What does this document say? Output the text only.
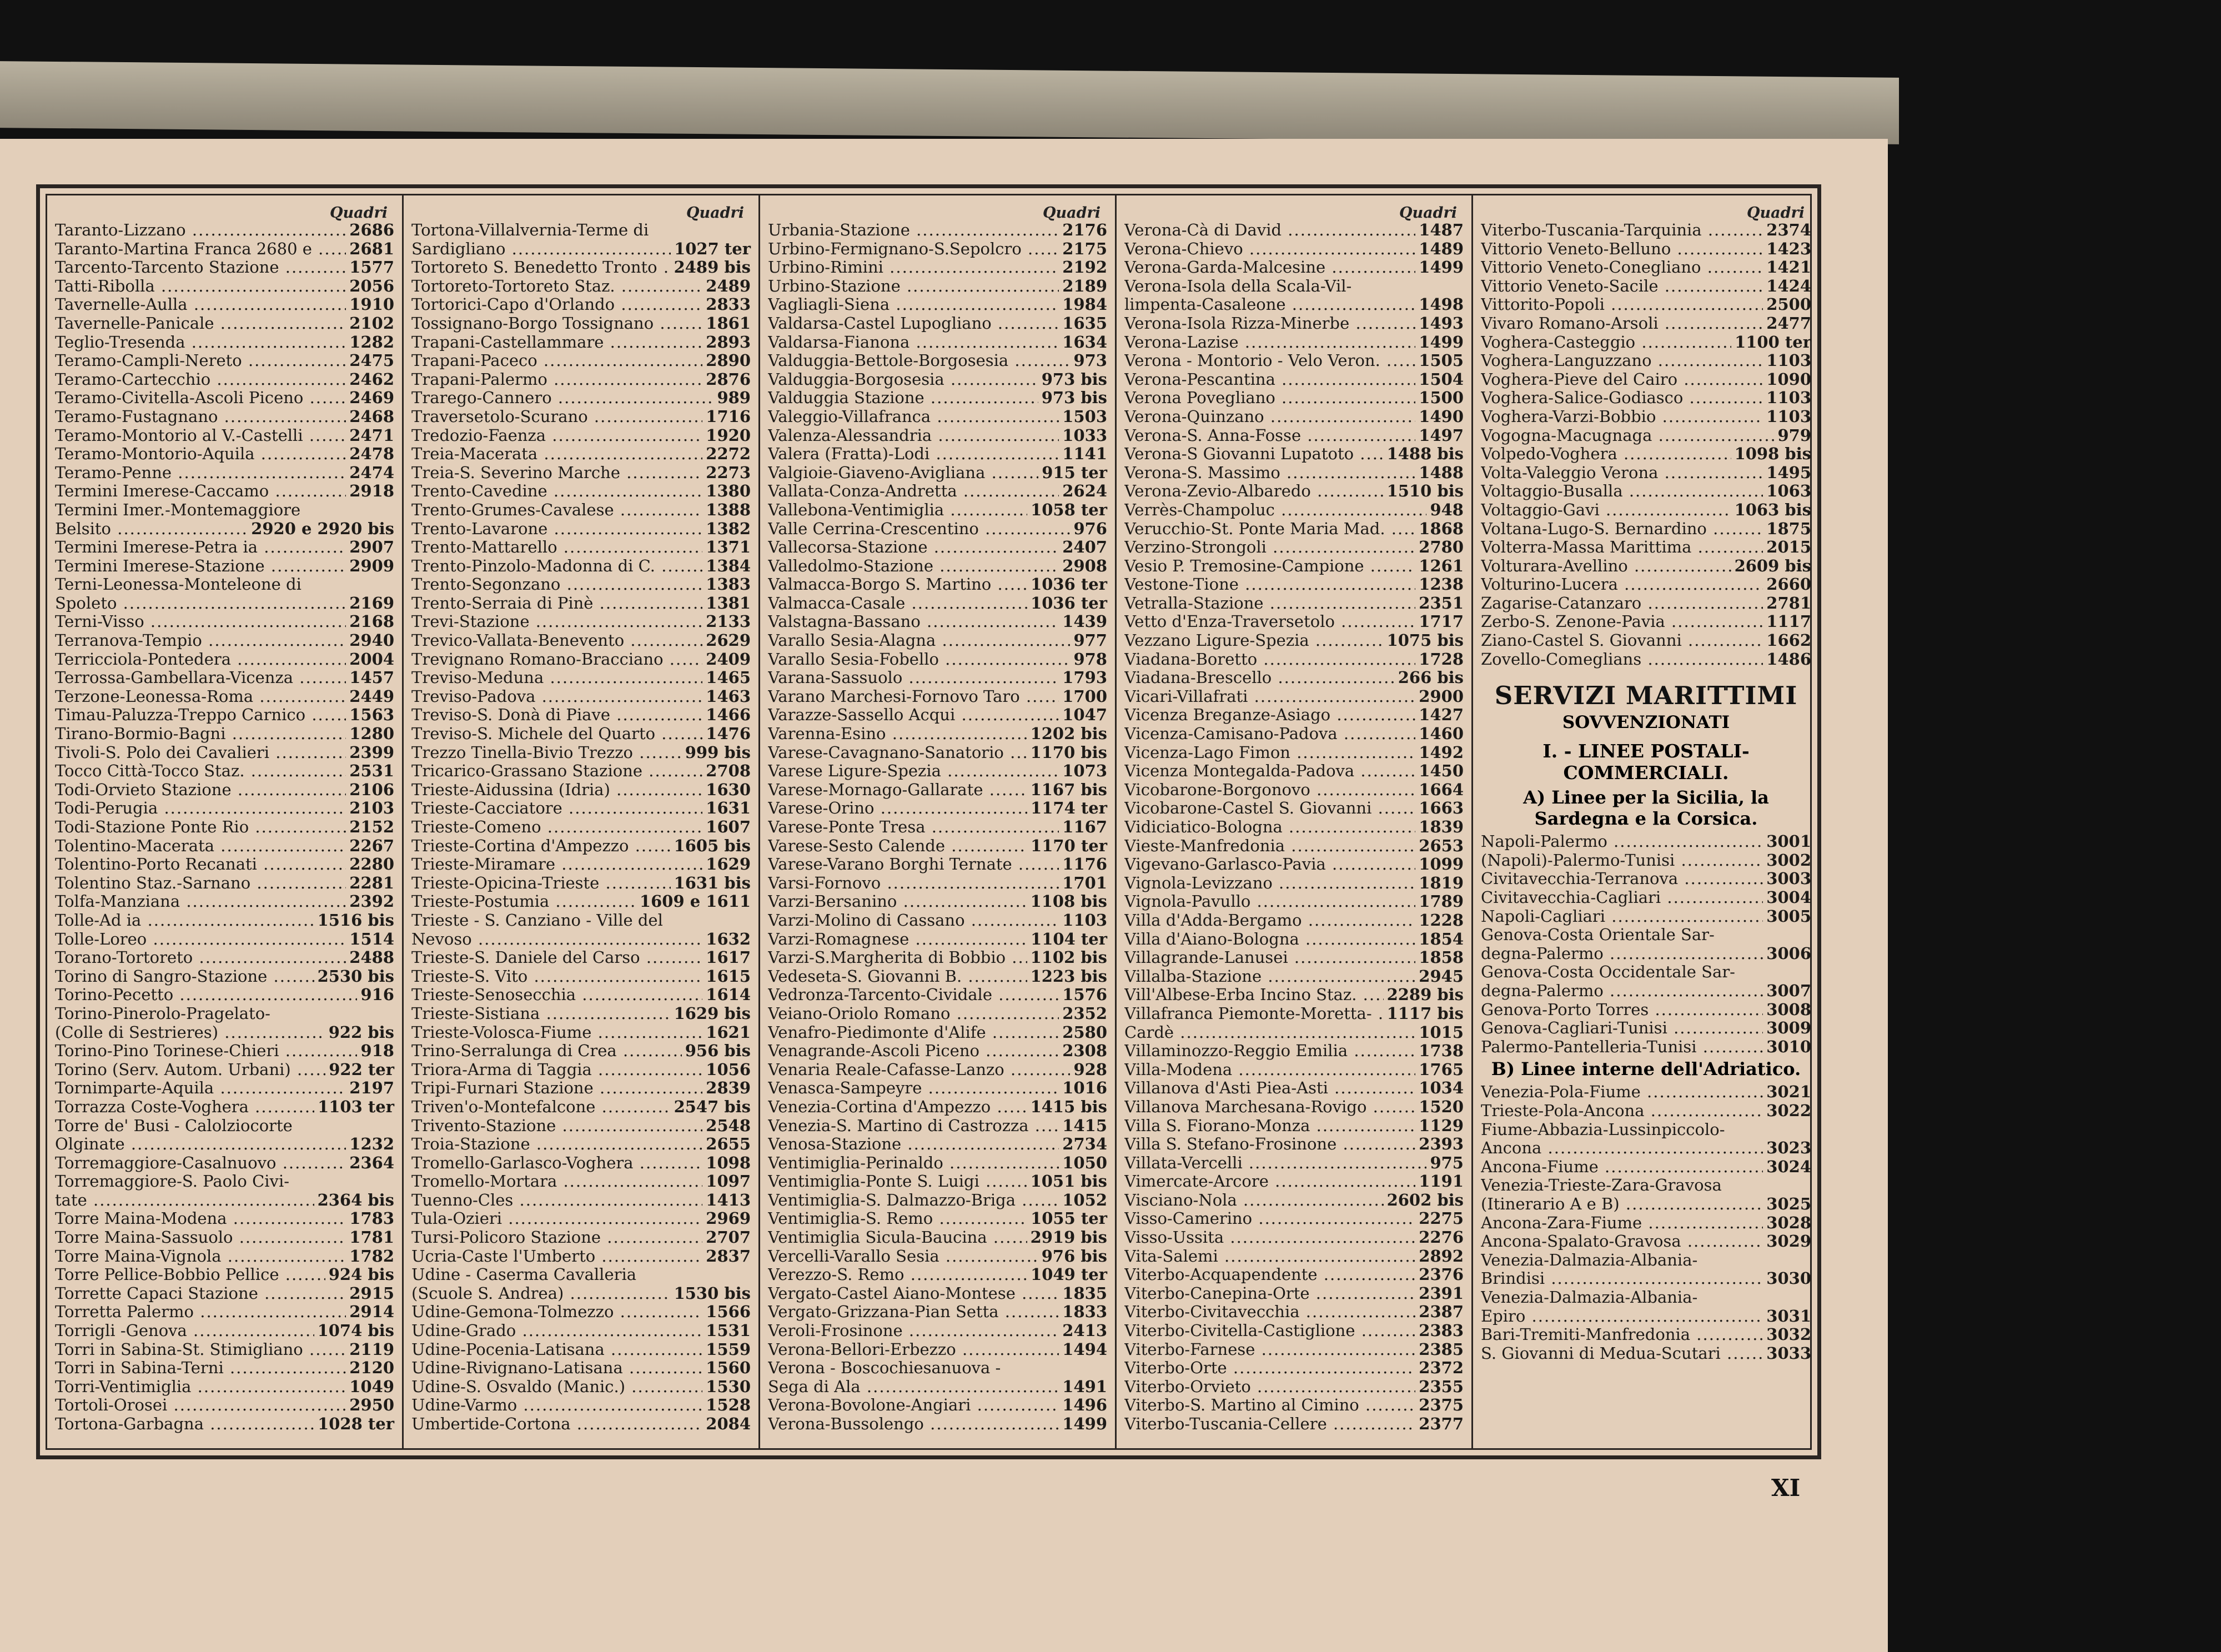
Quadri
Taranto-Lizzano .....	2686
Taranto-Martina Franca 2680 e .....	2681
Tarcento-Tarcento Stazione .....	1577
Tatti-Ribolla .....	2056
Tavernelle-Aulla .....	1910
Tavernelle-Panicale .....	2102
Teglio-Tresenda .....	1282
Teramo-Campli-Nereto .....	2475
Teramo-Cartecchio .....	2462
Teramo-Civitella-Ascoli Piceno .....	2469
Teramo-Fustagnano .....	2468
Teramo-Montorio al V.-Castelli .....	2471
Teramo-Montorio-Aquila .....	2478
Teramo-Penne .....	2474
Termini Imerese-Caccamo .....	2918
Termini Imer.-Montemaggiore
Belsito .....	2920 e 2920 bis
Termini Imerese-Petra ia .....	2907
Termini Imerese-Stazione .....	2909
Terni-Leonessa-Monteleone di
Spoleto .....	2169
Terni-Visso .....	2168
Terranova-Tempio .....	2940
Terricciola-Pontedera .....	2004
Terrossa-Gambellara-Vicenza .....	1457
Terzone-Leonessa-Roma .....	2449
Timau-Paluzza-Treppo Carnico .....	1563
Tirano-Bormio-Bagni .....	1280
Tivoli-S. Polo dei Cavalieri .....	2399
Tocco Città-Tocco Staz. .....	2531
Todi-Orvieto Stazione .....	2106
Todi-Perugia .....	2103
Todi-Stazione Ponte Rio .....	2152
Tolentino-Macerata .....	2267
Tolentino-Porto Recanati .....	2280
Tolentino Staz.-Sarnano .....	2281
Tolfa-Manziana .....	2392
Tolle-Ad ia .....	1516 bis
Tolle-Loreo .....	1514
Torano-Tortoreto .....	2488
Torino di Sangro-Stazione .....	2530 bis
Torino-Pecetto .....	916
Torino-Pinerolo-Pragelato-
(Colle di Sestrieres) .....	922 bis
Torino-Pino Torinese-Chieri .....	918
Torino (Serv. Autom. Urbani) .....	922 ter
Tornimparte-Aquila .....	2197
Torrazza Coste-Voghera .....	1103 ter
Torre de' Busi - Calolziocorte
Olginate .....	1232
Torremaggiore-Casalnuovo .....	2364
Torremaggiore-S. Paolo Civi-
tate .....	2364 bis
Torre Maina-Modena .....	1783
Torre Maina-Sassuolo .....	1781
Torre Maina-Vignola .....	1782
Torre Pellice-Bobbio Pellice .....	924 bis
Torrette Capaci Stazione .....	2915
Torretta Palermo .....	2914
Torrigli -Genova .....	1074 bis
Torri in Sabina-St. Stimigliano .....	2119
Torri in Sabina-Terni .....	2120
Torri-Ventimiglia .....	1049
Tortoli-Orosei .....	2950
Tortona-Garbagna .....	1028 ter
Quadri
Tortona-Villalvernia-Terme di
Sardigliano .....	1027 ter
Tortoreto S. Benedetto Tronto .....	2489 bis
Tortoreto-Tortoreto Staz. .....	2489
Tortorici-Capo d'Orlando .....	2833
Tossignano-Borgo Tossignano .....	1861
Trapani-Castellammare .....	2893
Trapani-Paceco .....	2890
Trapani-Palermo .....	2876
Trarego-Cannero .....	989
Traversetolo-Scurano .....	1716
Tredozio-Faenza .....	1920
Treia-Macerata .....	2272
Treia-S. Severino Marche .....	2273
Trento-Cavedine .....	1380
Trento-Grumes-Cavalese .....	1388
Trento-Lavarone .....	1382
Trento-Mattarello .....	1371
Trento-Pinzolo-Madonna di C. .....	1384
Trento-Segonzano .....	1383
Trento-Serraia di Pinè .....	1381
Trevi-Stazione .....	2133
Trevico-Vallata-Benevento .....	2629
Trevignano Romano-Bracciano .....	2409
Treviso-Meduna .....	1465
Treviso-Padova .....	1463
Treviso-S. Donà di Piave .....	1466
Treviso-S. Michele del Quarto .....	1476
Trezzo Tinella-Bivio Trezzo .....	999 bis
Tricarico-Grassano Stazione .....	2708
Trieste-Aidussina (Idria) .....	1630
Trieste-Cacciatore .....	1631
Trieste-Comeno .....	1607
Trieste-Cortina d'Ampezzo .....	1605 bis
Trieste-Miramare .....	1629
Trieste-Opicina-Trieste .....	1631 bis
Trieste-Postumia .....	1609 e 1611
Trieste - S. Canziano - Ville del
Nevoso .....	1632
Trieste-S. Daniele del Carso .....	1617
Trieste-S. Vito .....	1615
Trieste-Senosecchia .....	1614
Trieste-Sistiana .....	1629 bis
Trieste-Volosca-Fiume .....	1621
Trino-Serralunga di Crea .....	956 bis
Triora-Arma di Taggia .....	1056
Tripi-Furnari Stazione .....	2839
Triven'o-Montefalcone .....	2547 bis
Trivento-Stazione .....	2548
Troia-Stazione .....	2655
Tromello-Garlasco-Voghera .....	1098
Tromello-Mortara .....	1097
Tuenno-Cles .....	1413
Tula-Ozieri .....	2969
Tursi-Policoro Stazione .....	2707
Ucria-Caste l'Umberto .....	2837
Udine - Caserma Cavalleria
(Scuole S. Andrea) .....	1530 bis
Udine-Gemona-Tolmezzo .....	1566
Udine-Grado .....	1531
Udine-Pocenia-Latisana .....	1559
Udine-Rivignano-Latisana .....	1560
Udine-S. Osvaldo (Manic.) .....	1530
Udine-Varmo .....	1528
Umbertide-Cortona .....	2084
Quadri
Urbania-Stazione .....	2176
Urbino-Fermignano-S.Sepolcro .....	2175
Urbino-Rimini .....	2192
Urbino-Stazione .....	2189
Vagliagli-Siena .....	1984
Valdarsa-Castel Lupogliano .....	1635
Valdarsa-Fianona .....	1634
Valduggia-Bettole-Borgosesia .....	973
Valduggia-Borgosesia .....	973 bis
Valduggia Stazione .....	973 bis
Valeggio-Villafranca .....	1503
Valenza-Alessandria .....	1033
Valera (Fratta)-Lodi .....	1141
Valgioie-Giaveno-Avigliana .....	915 ter
Vallata-Conza-Andretta .....	2624
Vallebona-Ventimiglia .....	1058 ter
Valle Cerrina-Crescentino .....	976
Vallecorsa-Stazione .....	2407
Valledolmo-Stazione .....	2908
Valmacca-Borgo S. Martino .....	1036 ter
Valmacca-Casale .....	1036 ter
Valstagna-Bassano .....	1439
Varallo Sesia-Alagna .....	977
Varallo Sesia-Fobello .....	978
Varana-Sassuolo .....	1793
Varano Marchesi-Fornovo Taro .....	1700
Varazze-Sassello Acqui .....	1047
Varenna-Esino .....	1202 bis
Varese-Cavagnano-Sanatorio .....	1170 bis
Varese Ligure-Spezia .....	1073
Varese-Mornago-Gallarate .....	1167 bis
Varese-Orino .....	1174 ter
Varese-Ponte Tresa .....	1167
Varese-Sesto Calende .....	1170 ter
Varese-Varano Borghi Ternate .....	1176
Varsi-Fornovo .....	1701
Varzi-Bersanino .....	1108 bis
Varzi-Molino di Cassano .....	1103
Varzi-Romagnese .....	1104 ter
Varzi-S.Margherita di Bobbio .....	1102 bis
Vedeseta-S. Giovanni B. .....	1223 bis
Vedronza-Tarcento-Cividale .....	1576
Veiano-Oriolo Romano .....	2352
Venafro-Piedimonte d'Alife .....	2580
Venagrande-Ascoli Piceno .....	2308
Venaria Reale-Cafasse-Lanzo .....	928
Venasca-Sampeyre .....	1016
Venezia-Cortina d'Ampezzo .....	1415 bis
Venezia-S. Martino di Castrozza .....	1415
Venosa-Stazione .....	2734
Ventimiglia-Perinaldo .....	1050
Ventimiglia-Ponte S. Luigi .....	1051 bis
Ventimiglia-S. Dalmazzo-Briga .....	1052
Ventimiglia-S. Remo .....	1055 ter
Ventimiglia Sicula-Baucina .....	2919 bis
Vercelli-Varallo Sesia .....	976 bis
Verezzo-S. Remo .....	1049 ter
Vergato-Castel Aiano-Montese .....	1835
Vergato-Grizzana-Pian Setta .....	1833
Veroli-Frosinone .....	2413
Verona-Bellori-Erbezzo .....	1494
Verona - Boscochiesanuova -
Sega di Ala .....	1491
Verona-Bovolone-Angiari .....	1496
Verona-Bussolengo .....	1499
Quadri
Verona-Cà di David .....	1487
Verona-Chievo .....	1489
Verona-Garda-Malcesine .....	1499
Verona-Isola della Scala-Vil-
limpenta-Casaleone .....	1498
Verona-Isola Rizza-Minerbe .....	1493
Verona-Lazise .....	1499
Verona - Montorio - Velo Veron. .....	1505
Verona-Pescantina .....	1504
Verona Povegliano .....	1500
Verona-Quinzano .....	1490
Verona-S. Anna-Fosse .....	1497
Verona-S Giovanni Lupatoto .....	1488 bis
Verona-S. Massimo .....	1488
Verona-Zevio-Albaredo .....	1510 bis
Verrès-Champoluc .....	948
Verucchio-St. Ponte Maria Mad. .....	1868
Verzino-Strongoli .....	2780
Vesio P. Tremosine-Campione .....	1261
Vestone-Tione .....	1238
Vetralla-Stazione .....	2351
Vetto d'Enza-Traversetolo .....	1717
Vezzano Ligure-Spezia .....	1075 bis
Viadana-Boretto .....	1728
Viadana-Brescello .....	266 bis
Vicari-Villafrati .....	2900
Vicenza Breganze-Asiago .....	1427
Vicenza-Camisano-Padova .....	1460
Vicenza-Lago Fimon .....	1492
Vicenza Montegalda-Padova .....	1450
Vicobarone-Borgonovo .....	1664
Vicobarone-Castel S. Giovanni .....	1663
Vidiciatico-Bologna .....	1839
Vieste-Manfredonia .....	2653
Vigevano-Garlasco-Pavia .....	1099
Vignola-Levizzano .....	1819
Vignola-Pavullo .....	1789
Villa d'Adda-Bergamo .....	1228
Villa d'Aiano-Bologna .....	1854
Villagrande-Lanusei .....	1858
Villalba-Stazione .....	2945
Vill'Albese-Erba Incino Staz. .....	2289 bis
Villafranca Piemonte-Moretta- ..... 1117 bis
Cardè .....	1015
Villaminozzo-Reggio Emilia .....	1738
Villa-Modena .....	1765
Villanova d'Asti Piea-Asti .....	1034
Villanova Marchesana-Rovigo .....	1520
Villa S. Fiorano-Monza .....	1129
Villa S. Stefano-Frosinone .....	2393
Villata-Vercelli .....	975
Vimercate-Arcore .....	1191
Visciano-Nola .....	2602 bis
Visso-Camerino .....	2275
Visso-Ussita .....	2276
Vita-Salemi .....	2892
Viterbo-Acquapendente .....	2376
Viterbo-Canepina-Orte .....	2391
Viterbo-Civitavecchia .....	2387
Viterbo-Civitella-Castiglione .....	2383
Viterbo-Farnese .....	2385
Viterbo-Orte .....	2372
Viterbo-Orvieto .....	2355
Viterbo-S. Martino al Cimino .....	2375
Viterbo-Tuscania-Cellere .....	2377
Quadri
Viterbo-Tuscania-Tarquinia .....	2374
Vittorio Veneto-Belluno .....	1423
Vittorio Veneto-Conegliano .....	1421
Vittorio Veneto-Sacile .....	1424
Vittorito-Popoli .....	2500
Vivaro Romano-Arsoli .....	2477
Voghera-Casteggio .....	1100 ter
Voghera-Languzzano .....	1103
Voghera-Pieve del Cairo .....	1090
Voghera-Salice-Godiasco .....	1103
Voghera-Varzi-Bobbio .....	1103
Vogogna-Macugnaga .....	979
Volpedo-Voghera .....	1098 bis
Volta-Valeggio Verona .....	1495
Voltaggio-Busalla .....	1063
Voltaggio-Gavi .....	1063 bis
Voltana-Lugo-S. Bernardino .....	1875
Volterra-Massa Marittima .....	2015
Volturara-Avellino .....	2609 bis
Volturino-Lucera .....	2660
Zagarise-Catanzaro .....	2781
Zerbo-S. Zenone-Pavia .....	1117
Ziano-Castel S. Giovanni .....	1662
Zovello-Comeglians .....	1486
SERVIZI MARITTIMI
SOVVENZIONATI
I. - LINEE POSTALI-COMMERCIALI.
A) Linee per la Sicilia, la Sardegna e la Corsica.
Napoli-Palermo .....	3001
(Napoli)-Palermo-Tunisi .....	3002
Civitavecchia-Terranova .....	3003
Civitavecchia-Cagliari .....	3004
Napoli-Cagliari .....	3005
Genova-Costa Orientale Sar-
degna-Palermo .....	3006
Genova-Costa Occidentale Sar-
degna-Palermo .....	3007
Genova-Porto Torres .....	3008
Genova-Cagliari-Tunisi .....	3009
Palermo-Pantelleria-Tunisi .....	3010
B) Linee interne dell'Adriatico.
Venezia-Pola-Fiume .....	3021
Trieste-Pola-Ancona .....	3022
Fiume-Abbazia-Lussinpiccolo-
Ancona .....	3023
Ancona-Fiume .....	3024
Venezia-Trieste-Zara-Gravosa
(Itinerario A e B) .....	3025
Ancona-Zara-Fiume .....	3028
Ancona-Spalato-Gravosa .....	3029
Venezia-Dalmazia-Albania-
Brindisi .....	3030
Venezia-Dalmazia-Albania-
Epiro .....	3031
Bari-Tremiti-Manfredonia .....	3032
S. Giovanni di Medua-Scutari .....	3033
XI
